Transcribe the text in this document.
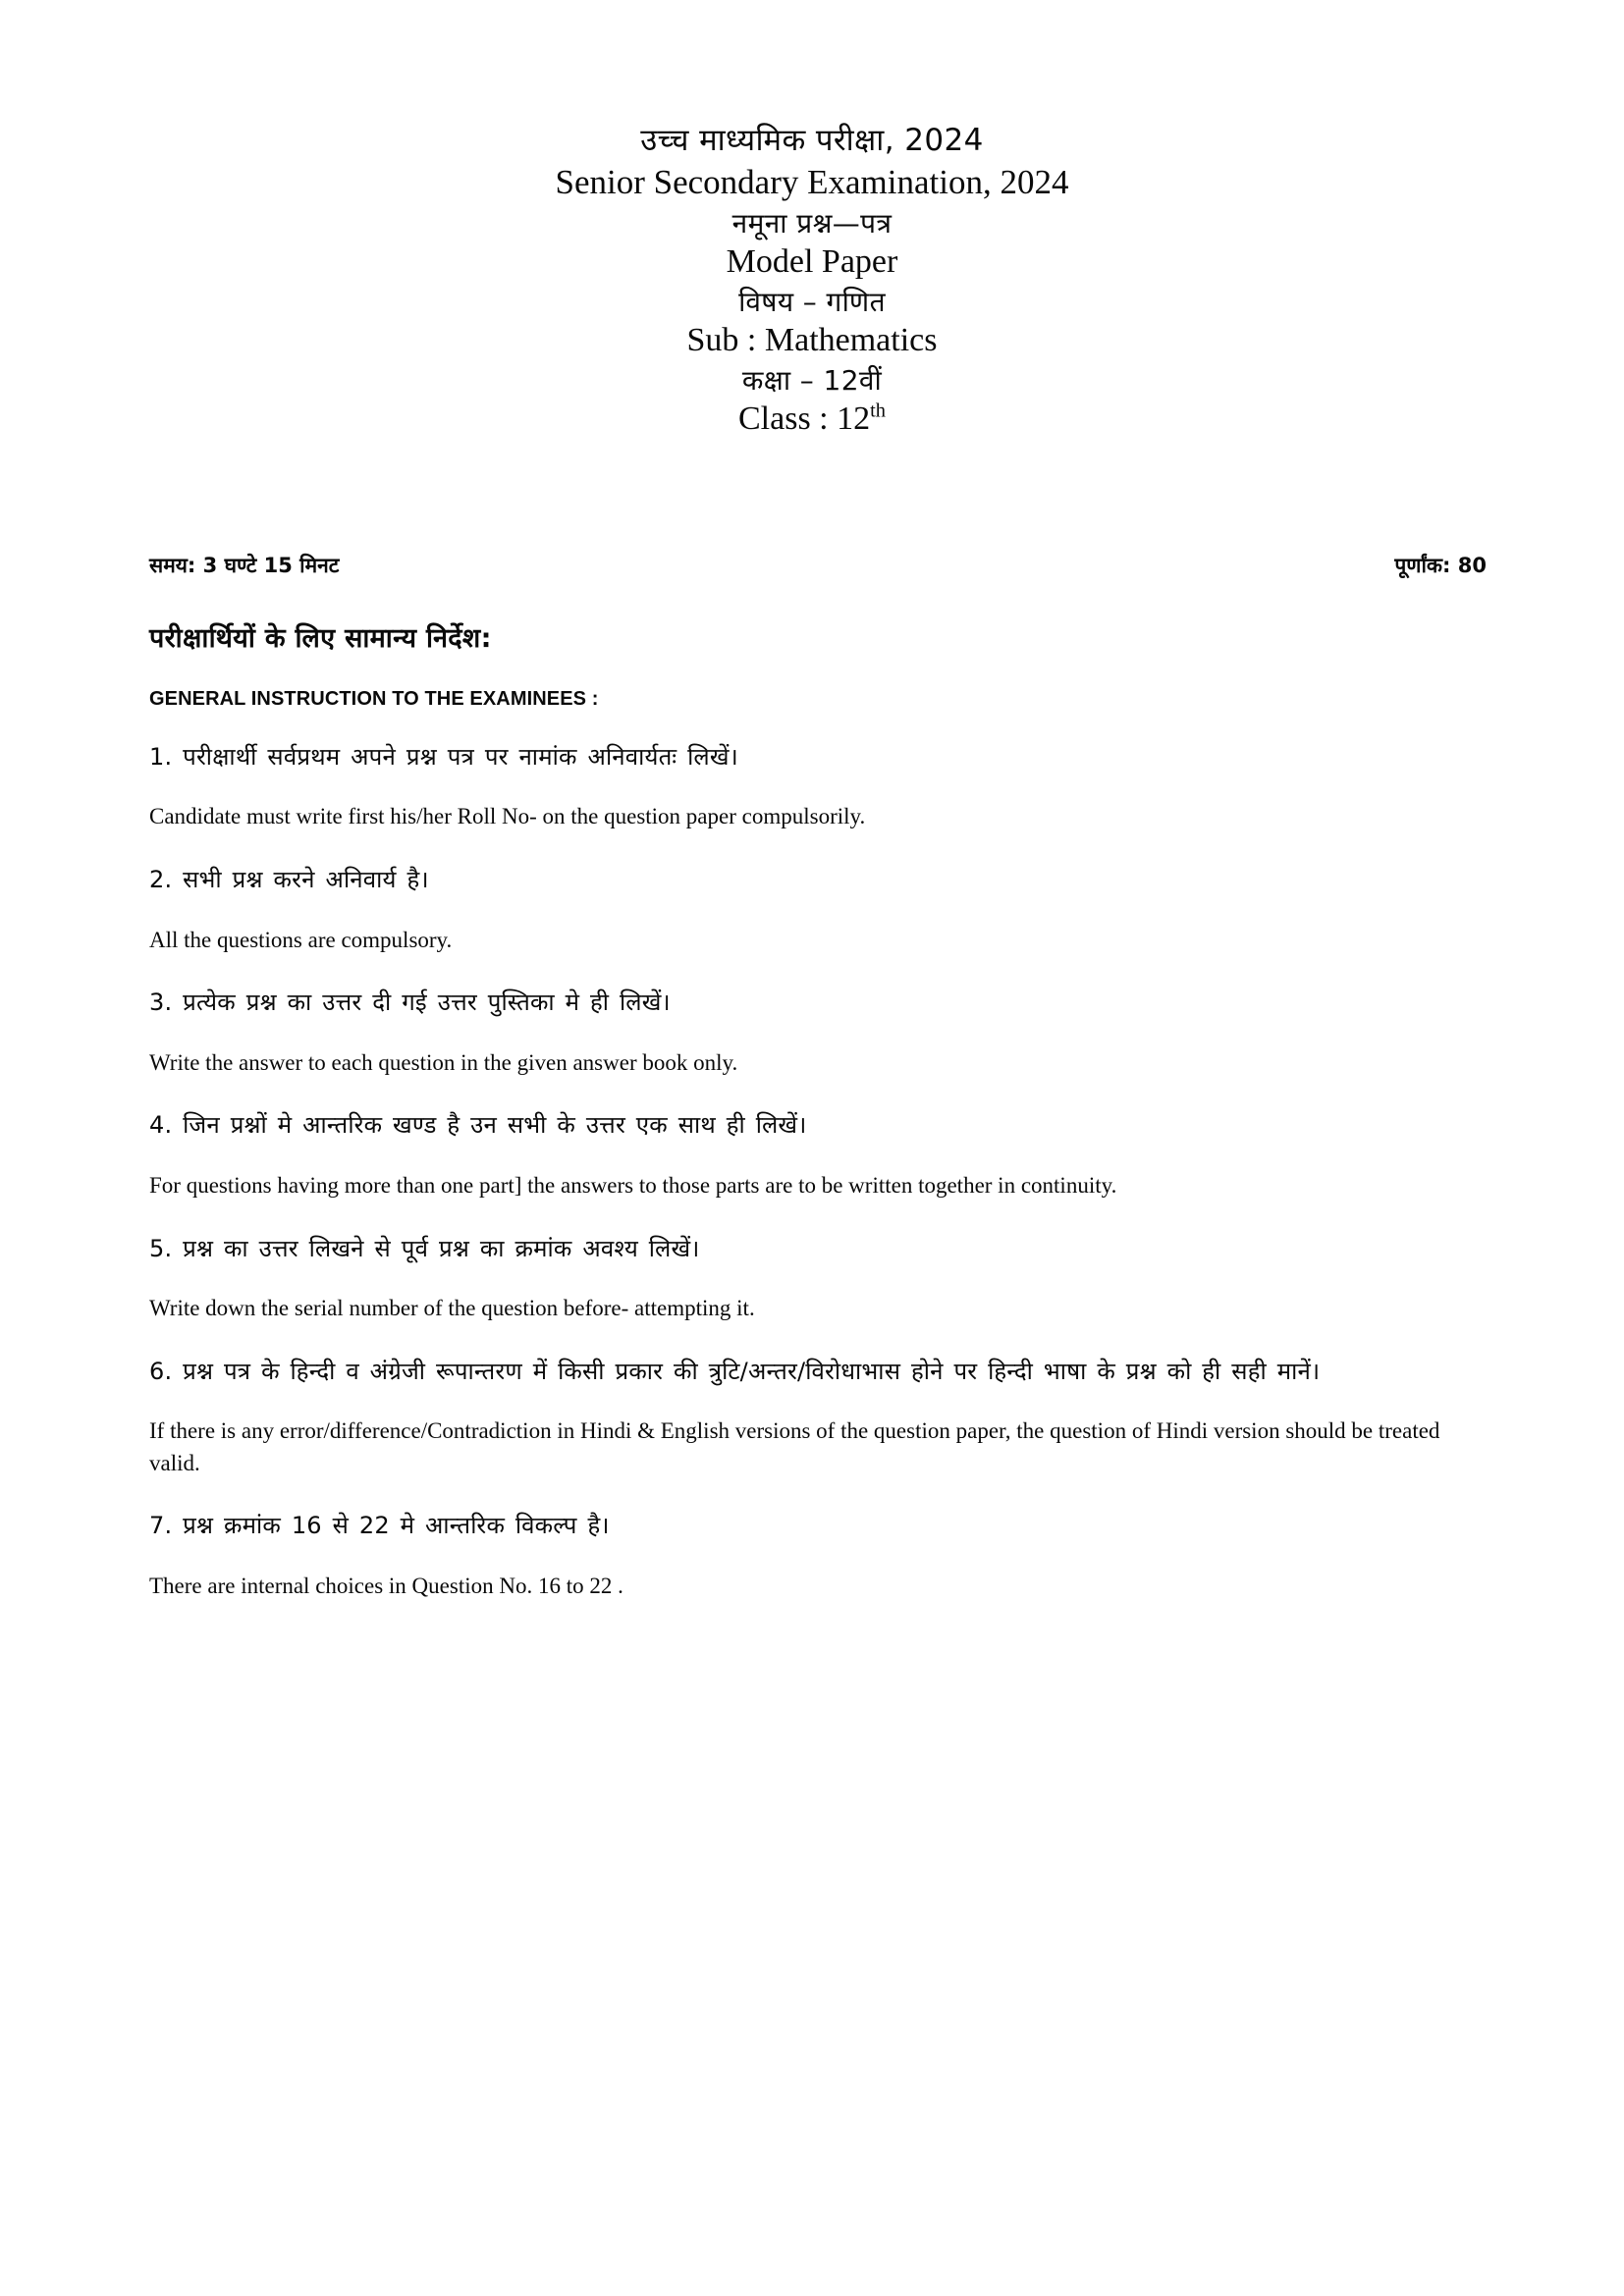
उच्च माध्यमिक परीक्षा, 2024
Senior Secondary Examination, 2024
नमूना प्रश्न—पत्र
Model Paper
विषय – गणित
Sub : Mathematics
कक्षा – 12वीं
Class : 12th
समय: 3 घण्टे 15 मिनट	पूर्णांक: 80
परीक्षार्थियों के लिए सामान्य निर्देश:
GENERAL INSTRUCTION TO THE EXAMINEES :
1. परीक्षार्थी सर्वप्रथम अपने प्रश्न पत्र पर नामांक अनिवार्यतः लिखें।
Candidate must write first his/her Roll No- on the question paper compulsorily.
2. सभी प्रश्न करने अनिवार्य है।
All the questions are compulsory.
3. प्रत्येक प्रश्न का उत्तर दी गई उत्तर पुस्तिका मे ही लिखें।
Write the answer to each question in the given answer book only.
4. जिन प्रश्नों मे आन्तरिक खण्ड है उन सभी के उत्तर एक साथ ही लिखें।
For questions having more than one part] the answers to those parts are to be written together in continuity.
5. प्रश्न का उत्तर लिखने से पूर्व प्रश्न का क्रमांक अवश्य लिखें।
Write down the serial number of the question before- attempting it.
6. प्रश्न पत्र के हिन्दी व अंग्रेजी रूपान्तरण में किसी प्रकार की त्रुटि/अन्तर/विरोधाभास होने पर हिन्दी भाषा के प्रश्न को ही सही मानें।
If there is any error/difference/Contradiction in Hindi & English versions of the question paper, the question of Hindi version should be treated valid.
7. प्रश्न क्रमांक 16 से 22 मे आन्तरिक विकल्प है।
There are internal choices in Question No. 16 to 22 .
